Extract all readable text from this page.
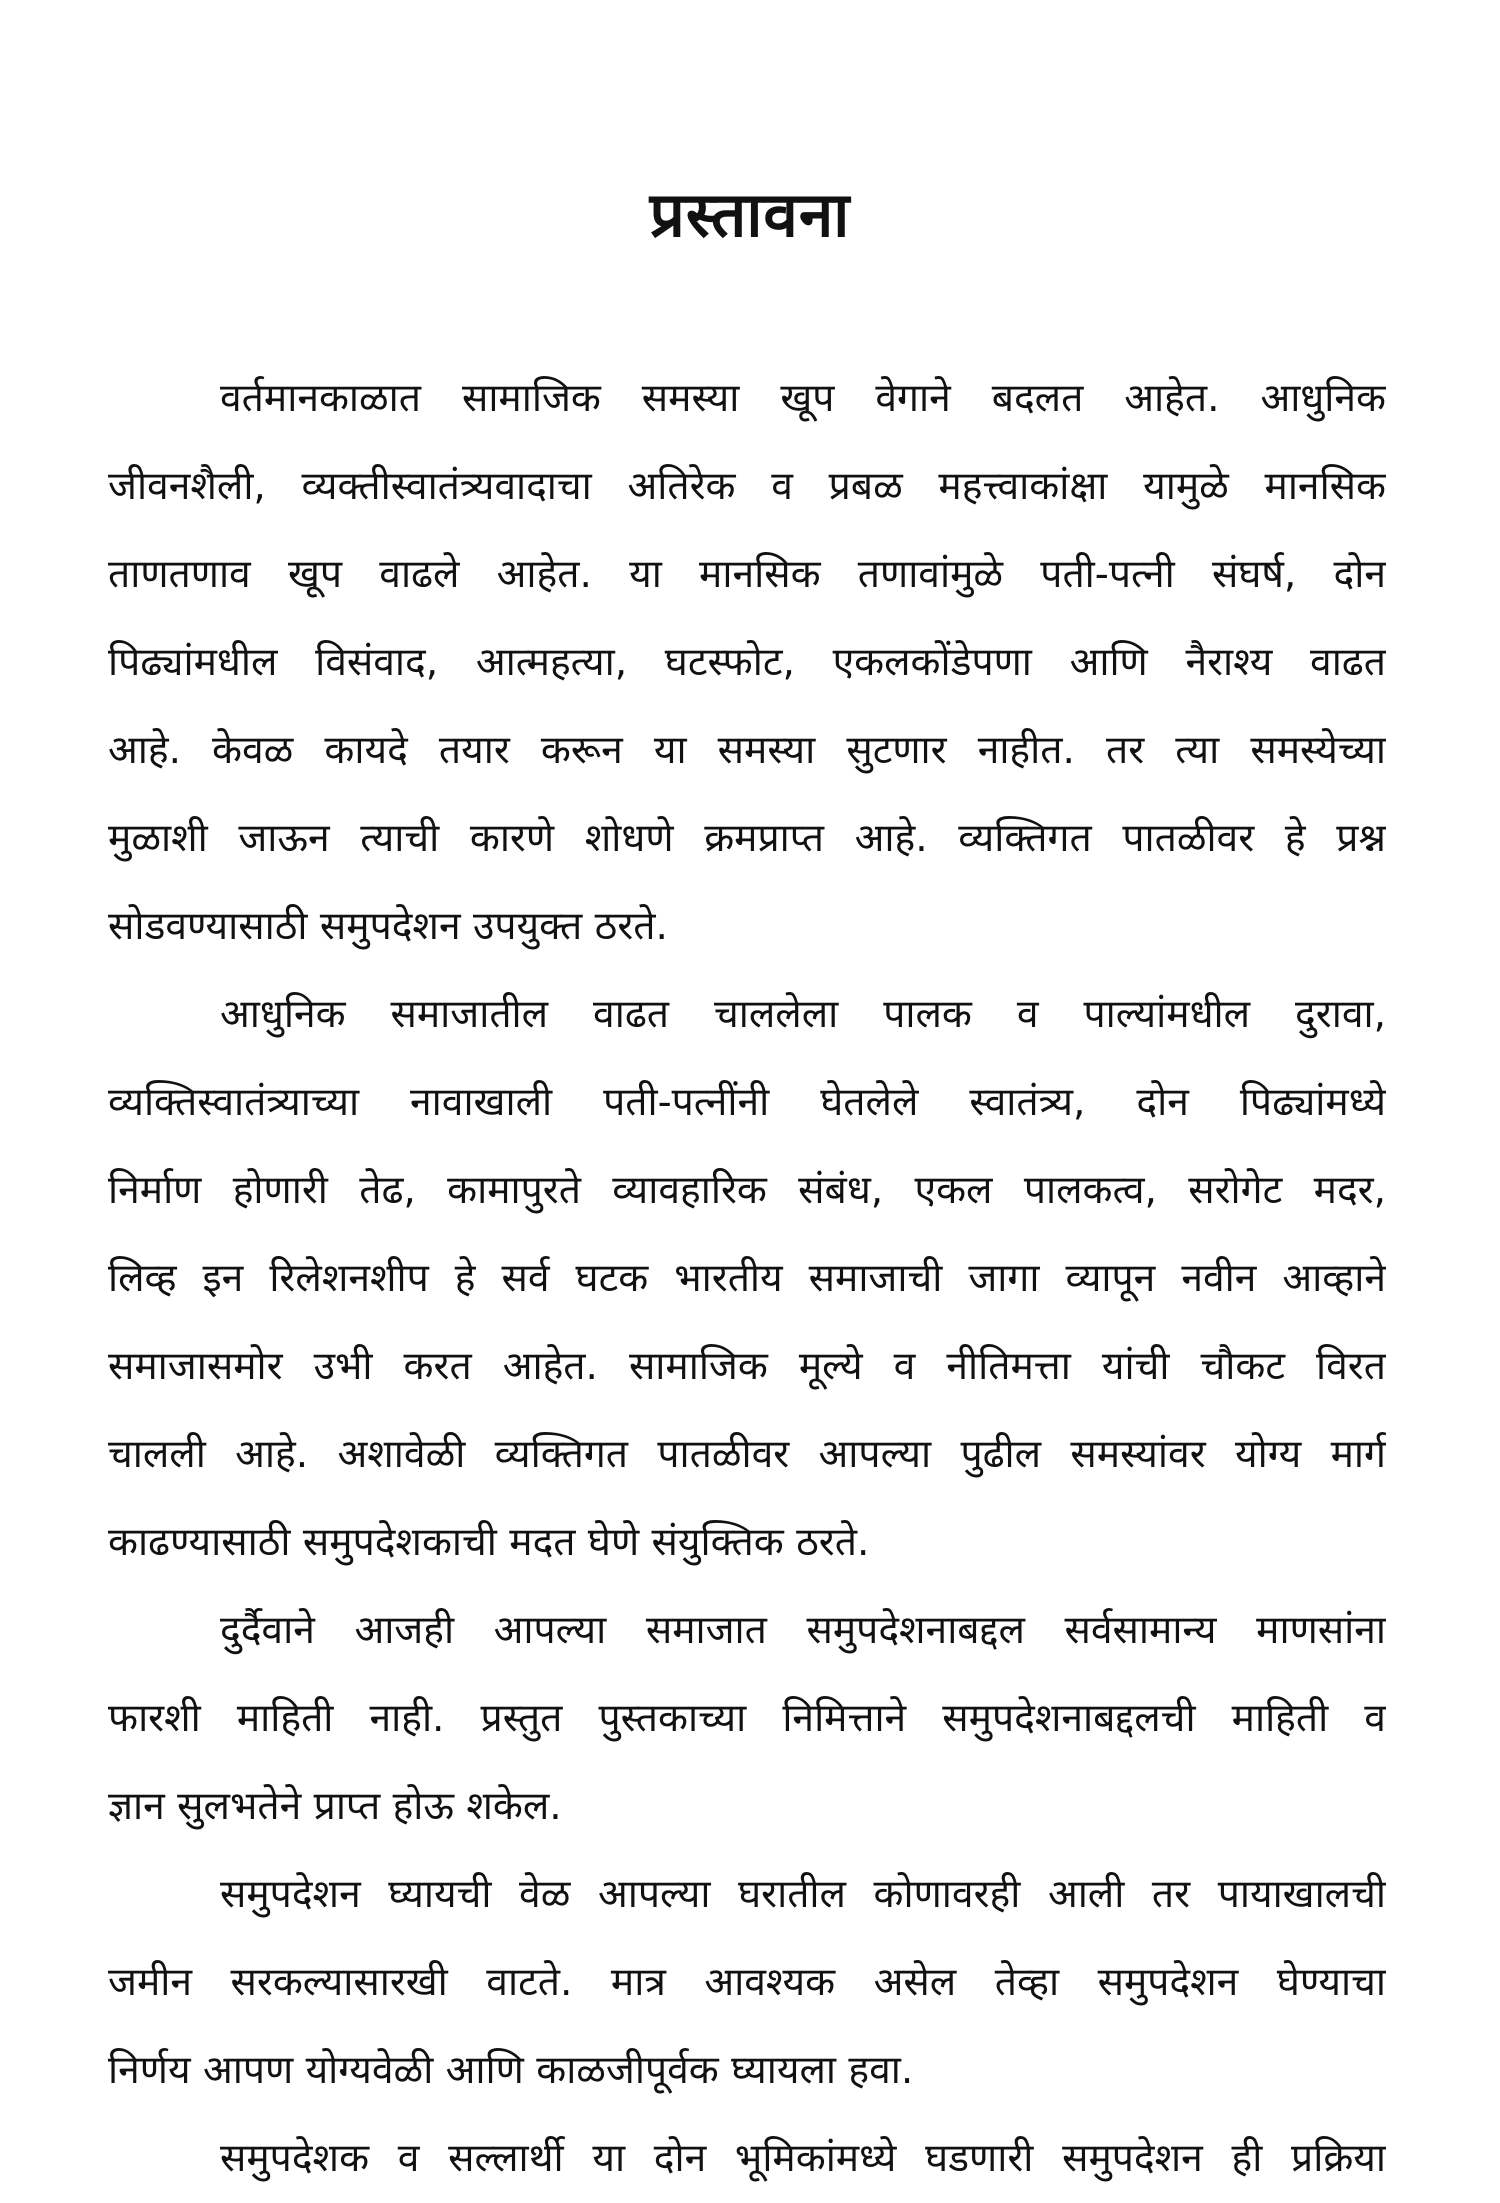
प्रस्तावना
वर्तमानकाळात सामाजिक समस्या खूप वेगाने बदलत आहेत. आधुनिक
जीवनशैली, व्यक्तीस्वातंत्र्यवादाचा अतिरेक व प्रबळ महत्त्वाकांक्षा यामुळे मानसिक
ताणतणाव खूप वाढले आहेत. या मानसिक तणावांमुळे पती-पत्नी संघर्ष, दोन
पिढ्यांमधील विसंवाद, आत्महत्या, घटस्फोट, एकलकोंडेपणा आणि नैराश्य वाढत
आहे. केवळ कायदे तयार करून या समस्या सुटणार नाहीत. तर त्या समस्येच्या
मुळाशी जाऊन त्याची कारणे शोधणे क्रमप्राप्त आहे. व्यक्तिगत पातळीवर हे प्रश्न
सोडवण्यासाठी समुपदेशन उपयुक्त ठरते.
आधुनिक समाजातील वाढत चाललेला पालक व पाल्यांमधील दुरावा,
व्यक्तिस्वातंत्र्याच्या नावाखाली पती-पत्नींनी घेतलेले स्वातंत्र्य, दोन पिढ्यांमध्ये
निर्माण होणारी तेढ, कामापुरते व्यावहारिक संबंध, एकल पालकत्व, सरोगेट मदर,
लिव्ह इन रिलेशनशीप हे सर्व घटक भारतीय समाजाची जागा व्यापून नवीन आव्हाने
समाजासमोर उभी करत आहेत. सामाजिक मूल्ये व नीतिमत्ता यांची चौकट विरत
चालली आहे. अशावेळी व्यक्तिगत पातळीवर आपल्या पुढील समस्यांवर योग्य मार्ग
काढण्यासाठी समुपदेशकाची मदत घेणे संयुक्तिक ठरते.
दुर्दैवाने आजही आपल्या समाजात समुपदेशनाबद्दल सर्वसामान्य माणसांना
फारशी माहिती नाही. प्रस्तुत पुस्तकाच्या निमित्ताने समुपदेशनाबद्दलची माहिती व
ज्ञान सुलभतेने प्राप्त होऊ शकेल.
समुपदेशन घ्यायची वेळ आपल्या घरातील कोणावरही आली तर पायाखालची
जमीन सरकल्यासारखी वाटते. मात्र आवश्यक असेल तेव्हा समुपदेशन घेण्याचा
निर्णय आपण योग्यवेळी आणि काळजीपूर्वक घ्यायला हवा.
समुपदेशक व सल्लार्थी या दोन भूमिकांमध्ये घडणारी समुपदेशन ही प्रक्रिया
